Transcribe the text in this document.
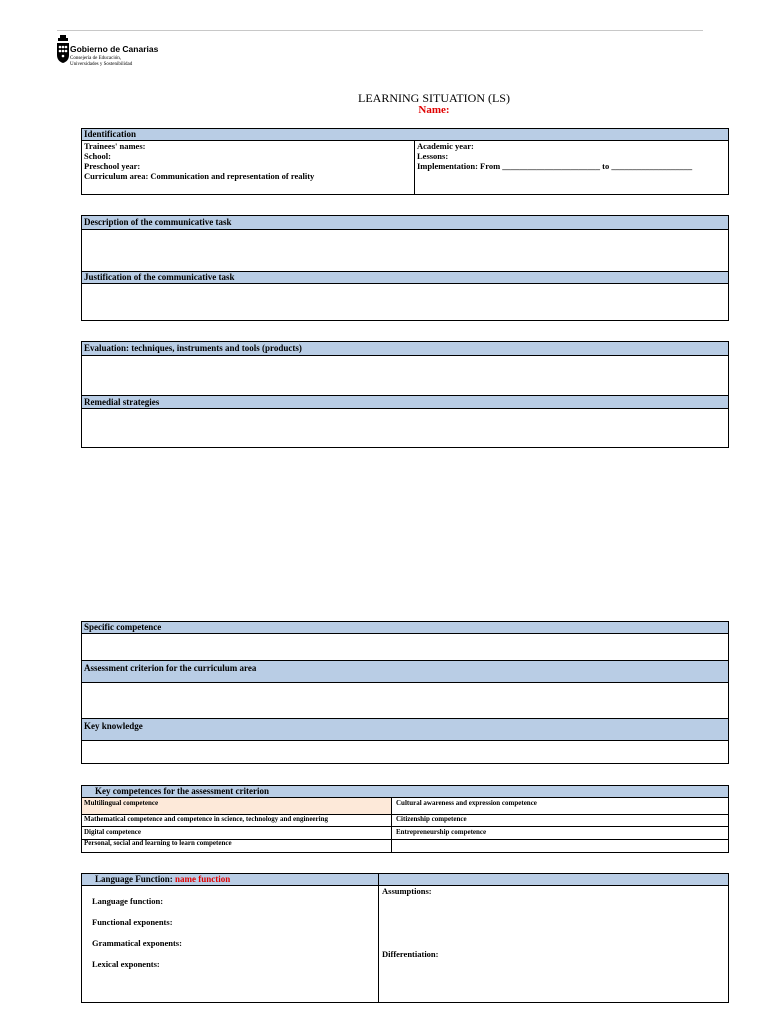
Gobierno de Canarias
Consejería de Educación,
Universidades y Sostenibilidad
LEARNING SITUATION (LS)
Name:
Identification
Trainees' names:
School:
Preschool year:
Curriculum area: Communication and representation of reality
Academic year:
Lessons:
Implementation: From _______________________ to ___________________
Description of the communicative task
Justification of the communicative task
Evaluation: techniques, instruments and tools (products)
Remedial strategies
Specific competence
Assessment criterion for the curriculum area
Key knowledge
Key competences for the assessment criterion
Multilingual competence
Mathematical competence and competence in science, technology and engineering
Digital competence
Personal, social and learning to learn competence
Cultural awareness and expression competence
Citizenship competence
Entrepreneurship competence
Language Function: name function
Language function:
Functional exponents:
Grammatical exponents:
Lexical exponents:
Assumptions:
Differentiation:
